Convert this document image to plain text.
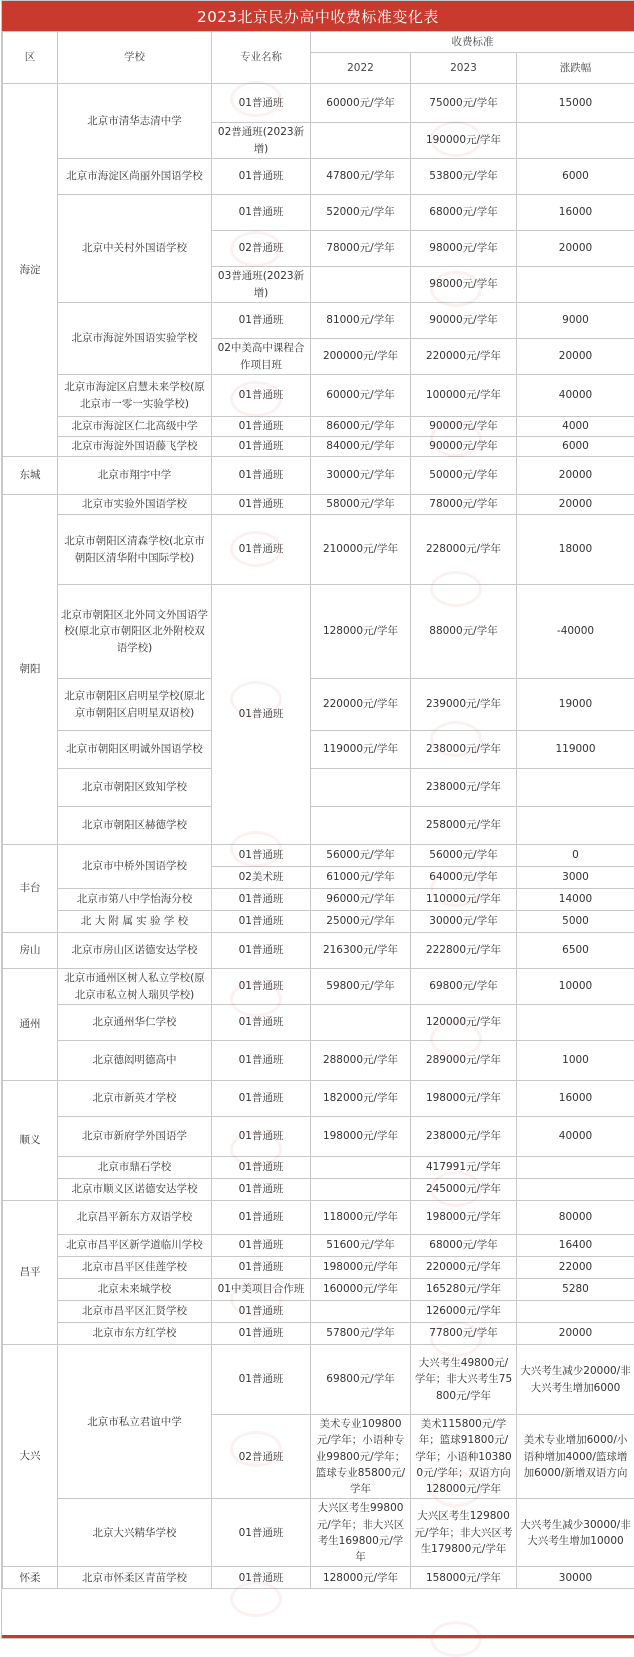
2023北京民办高中收费标准变化表
区	学校	专业名称	收费标准		
			2022	2023	涨跌幅
海淀	北京市清华志清中学	01普通班	60000元/学年	75000元/学年	15000
		02普通班(2023新增)		190000元/学年	
	北京市海淀区尚丽外国语学校	01普通班	47800元/学年	53800元/学年	6000
	北京中关村外国语学校	01普通班	52000元/学年	68000元/学年	16000
		02普通班	78000元/学年	98000元/学年	20000
		03普通班(2023新增)		98000元/学年	
	北京市海淀外国语实验学校	01普通班	81000元/学年	90000元/学年	9000
		02中美高中课程合作项目班	200000元/学年	220000元/学年	20000
	北京市海淀区启慧未来学校(原北京市一零一实验学校)	01普通班	60000元/学年	100000元/学年	40000
	北京市海淀区仁北高级中学	01普通班	86000元/学年	90000元/学年	4000
	北京市海淀外国语藤飞学校	01普通班	84000元/学年	90000元/学年	6000
东城	北京市翔宇中学	01普通班	30000元/学年	50000元/学年	20000
朝阳	北京市实验外国语学校	01普通班	58000元/学年	78000元/学年	20000
	北京市朝阳区清森学校(北京市朝阳区清华附中国际学校)	01普通班	210000元/学年	228000元/学年	18000
	北京市朝阳区北外同文外国语学校(原北京市朝阳区北外附校双语学校)	01普通班	128000元/学年	88000元/学年	-40000
	北京市朝阳区启明星学校(原北京市朝阳区启明星双语校)		220000元/学年	239000元/学年	19000
	北京市朝阳区明诚外国语学校		119000元/学年	238000元/学年	119000
	北京市朝阳区致知学校			238000元/学年	
	北京市朝阳区赫德学校			258000元/学年	
丰台	北京市中桥外国语学校	01普通班	56000元/学年	56000元/学年	0
		02美术班	61000元/学年	64000元/学年	3000
	北京市第八中学怡海分校	01普通班	96000元/学年	110000元/学年	14000
	北 大 附 属 实 验 学 校	01普通班	25000元/学年	30000元/学年	5000
房山	北京市房山区诺德安达学校	01普通班	216300元/学年	222800元/学年	6500
通州	北京市通州区树人私立学校(原北京市私立树人瑞贝学校)	01普通班	59800元/学年	69800元/学年	10000
	北京通州华仁学校	01普通班		120000元/学年	
	北京德闳明德高中	01普通班	288000元/学年	289000元/学年	1000
顺义	北京市新英才学校	01普通班	182000元/学年	198000元/学年	16000
	北京市新府学外国语学	01普通班	198000元/学年	238000元/学年	40000
	北京市鼎石学校	01普通班		417991元/学年	
	北京市顺义区诺德安达学校	01普通班		245000元/学年	
昌平	北京昌平新东方双语学校	01普通班	118000元/学年	198000元/学年	80000
	北京市昌平区新学道临川学校	01普通班	51600元/学年	68000元/学年	16400
	北京市昌平区佳莲学校	01普通班	198000元/学年	220000元/学年	22000
	北京未来城学校	01中美项目合作班	160000元/学年	165280元/学年	5280
	北京市昌平区汇贤学校	01普通班		126000元/学年	
	北京市东方红学校	01普通班	57800元/学年	77800元/学年	20000
大兴	北京市私立君谊中学	01普通班	69800元/学年	大兴考生49800元/学年；非大兴考生75800元/学年	大兴考生减少20000/非大兴考生增加6000
		02普通班	美术专业109800元/学年；小语种专业99800元/学年；篮球专业85800元/学年	美术115800元/学年；篮球91800元/学年；小语种103800元/学年；双语方向128000元/学年	美术专业增加6000/小语种增加4000/篮球增加6000/新增双语方向
	北京大兴精华学校	01普通班	大兴区考生99800元/学年；非大兴区考生169800元/学年	大兴区考生129800元/学年；非大兴区考生179800元/学年	大兴考生减少30000/非大兴考生增加10000
怀柔	北京市怀柔区青苗学校	01普通班	128000元/学年	158000元/学年	30000
